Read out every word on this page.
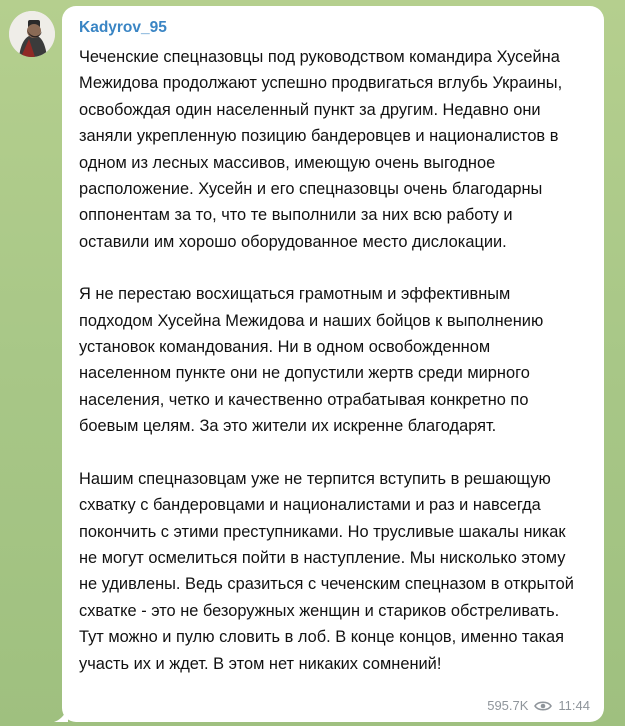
Kadyrov_95
Чеченские спецназовцы под руководством командира Хусейна Межидова продолжают успешно продвигаться вглубь Украины, освобождая один населенный пункт за другим. Недавно они заняли укрепленную позицию бандеровцев и националистов в одном из лесных массивов, имеющую очень выгодное расположение. Хусейн и его спецназовцы очень благодарны оппонентам за то, что те выполнили за них всю работу и оставили им хорошо оборудованное место дислокации.
Я не перестаю восхищаться грамотным и эффективным подходом Хусейна Межидова и наших бойцов к выполнению установок командования. Ни в одном освобожденном населенном пункте они не допустили жертв среди мирного населения, четко и качественно отрабатывая конкретно по боевым целям. За это жители их искренне благодарят.
Нашим спецназовцам уже не терпится вступить в решающую схватку с бандеровцами и националистами и раз и навсегда покончить с этими преступниками. Но трусливые шакалы никак не могут осмелиться пойти в наступление. Мы нисколько этому не удивлены. Ведь сразиться с чеченским спецназом в открытой схватке - это не безоружных женщин и стариков обстреливать. Тут можно и пулю словить в лоб. В конце концов, именно такая участь их и ждет. В этом нет никаких сомнений!
595.7K 11:44
